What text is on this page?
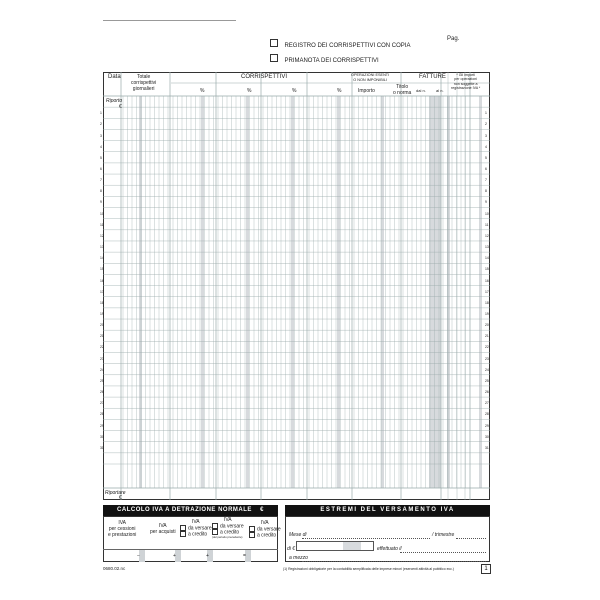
REGISTRO DEI CORRISPETTIVI CON COPIA
PRIMANOTA DEI CORRISPETTIVI
Pag.
Data	Totale
corrispettivi
giornalieri
CORRISPETTIVI
%	%	%	%
OPERAZIONI ESENTI
O NON IMPONIBILI
Importo
Titolo
o norma
FATTURE
dal n.	al n.
* Gli importi
per operazioni
non soggette a
registrazione IVA *
Riporto
€
Riportare
€
1
2
3
4
5
6
7
8
9
10
11
12
13
14
15
16
17
18
19
20
21
22
23
24
25
26
27
28
29
30
31
1
2
3
4
5
6
7
8
9
10
11
12
13
14
15
16
17
18
19
20
21
22
23
24
25
26
27
28
29
30
31
CALCOLO IVA A DETRAZIONE NORMALE €
IVA
per cessioni
e prestazioni
IVA
per acquisti
IVA
da versare
a credito
IVA
da versare
a credito
(del periodo precedente)
IVA
da versare
a credito
−	+	+	=
ESTREMI DEL VERSAMENTO IVA
Mese di	/ trimestre
di €	effettuato il
a mezzo
0680.02.nc	(1) Registrazioni obbligatorie per la contabilità semplificata delle imprese minori (esercenti attività al pubblico ecc.)	1
